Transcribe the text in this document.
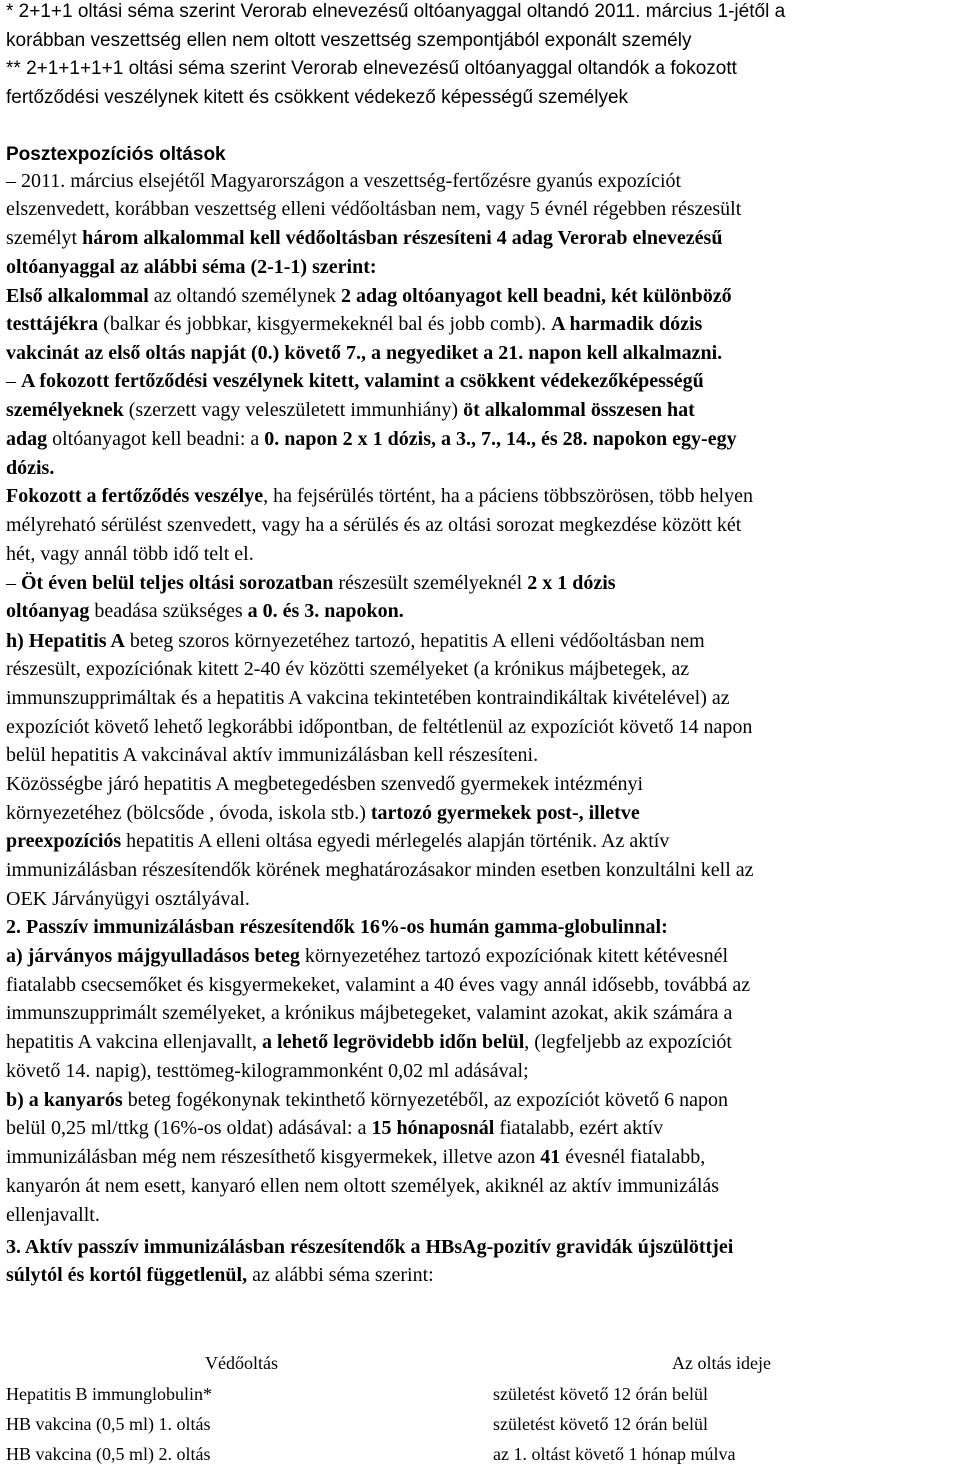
* 2+1+1 oltási séma szerint Verorab elnevezésű oltóanyaggal oltandó 2011. március 1-jétől a
korábban veszettség ellen nem oltott veszettség szempontjából exponált személy
** 2+1+1+1+1 oltási séma szerint Verorab elnevezésű oltóanyaggal oltandók a fokozott
fertőződési veszélynek kitett és csökkent védekező képességű személyek
Posztexpozíciós oltások
– 2011. március elsejétől Magyarországon a veszettség-fertőzésre gyanús expozíciót
elszenvedett, korábban veszettség elleni védőoltásban nem, vagy 5 évnél régebben részesült
személyt három alkalommal kell védőoltásban részesíteni 4 adag Verorab elnevezésű
oltóanyaggal az alábbi séma (2-1-1) szerint:
Első alkalommal az oltandó személynek 2 adag oltóanyagot kell beadni, két különböző
testtájékra (balkar és jobbkar, kisgyermekeknél bal és jobb comb). A harmadik dózis
vakcinát az első oltás napját (0.) követő 7., a negyediket a 21. napon kell alkalmazni.
– A fokozott fertőződési veszélynek kitett, valamint a csökkent védekezőképességű
személyeknek (szerzett vagy veleszületett immunhiány) öt alkalommal összesen hat
adag oltóanyagot kell beadni: a 0. napon 2 x 1 dózis, a 3., 7., 14., és 28. napokon egy-egy
dózis.
Fokozott a fertőződés veszélye, ha fejsérülés történt, ha a páciens többszörösen, több helyen
mélyreható sérülést szenvedett, vagy ha a sérülés és az oltási sorozat megkezdése között két
hét, vagy annál több idő telt el.
– Öt éven belül teljes oltási sorozatban részesült személyeknél 2 x 1 dózis
oltóanyag beadása szükséges a 0. és 3. napokon.
h) Hepatitis A beteg szoros környezetéhez tartozó, hepatitis A elleni védőoltásban nem
részesült, expozíciónak kitett 2-40 év közötti személyeket (a krónikus májbetegek, az
immunszupprimáltak és a hepatitis A vakcina tekintetében kontraindikáltak kivételével) az
expozíciót követő lehető legkorábbi időpontban, de feltétlenül az expozíciót követő 14 napon
belül hepatitis A vakcinával aktív immunizálásban kell részesíteni.
Közösségbe járó hepatitis A megbetegedésben szenvedő gyermekek intézményi
környezetéhez (bölcsőde , óvoda, iskola stb.) tartozó gyermekek post-, illetve
preexpozíciós hepatitis A elleni oltása egyedi mérlegelés alapján történik. Az aktív
immunizálásban részesítendők körének meghatározásakor minden esetben konzultálni kell az
OEK Járványügyi osztályával.
2. Passzív immunizálásban részesítendők 16%-os humán gamma-globulinnal:
a) járványos májgyulladásos beteg környezetéhez tartozó expozíciónak kitett kétévesnél
fiatalabb csecsemőket és kisgyermekeket, valamint a 40 éves vagy annál idősebb, továbbá az
immunszupprimált személyeket, a krónikus májbetegeket, valamint azokat, akik számára a
hepatitis A vakcina ellenjavallt, a lehető legrövidebb időn belül, (legfeljebb az expozíciót
követő 14. napig), testtömeg-kilogrammonként 0,02 ml adásával;
b) a kanyarós beteg fogékonynak tekinthető környezetéből, az expozíciót követő 6 napon
belül 0,25 ml/ttkg (16%-os oldat) adásával: a 15 hónaposnál fiatalabb, ezért aktív
immunizálásban még nem részesíthető kisgyermekek, illetve azon 41 évesnél fiatalabb,
kanyarón át nem esett, kanyaró ellen nem oltott személyek, akiknél az aktív immunizálás
ellenjavallt.
3. Aktív passzív immunizálásban részesítendők a HBsAg-pozitív gravidák újszülöttjei
súlytól és kortól függetlenül, az alábbi séma szerint:
Védőoltás	Az oltás ideje
Hepatitis B immunglobulin*	születést követő 12 órán belül
HB vakcina (0,5 ml) 1. oltás	születést követő 12 órán belül
HB vakcina (0,5 ml) 2. oltás	az 1. oltást követő 1 hónap múlva
